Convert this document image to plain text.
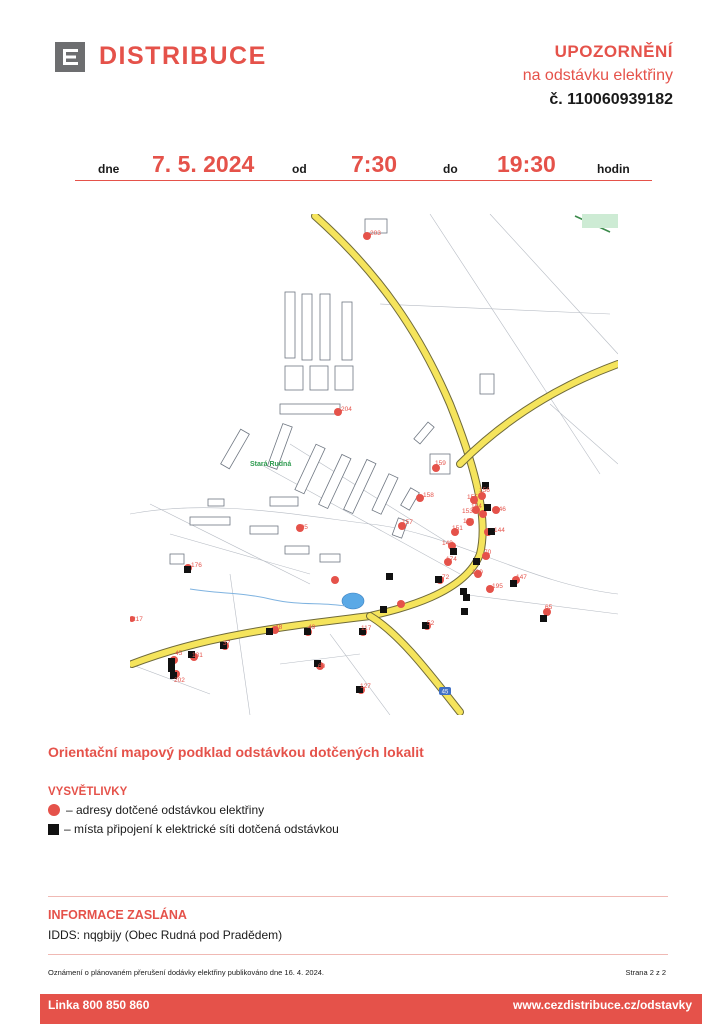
DISTRIBUCE	UPOZORNĚNÍ
na odstávku elektřiny
č. 110060939182
dne 7. 5. 2024	od 7:30	do 19:30	hodin
45
Stará Rudná
203
204
159
158
157
156
155
153
154 146
152
151
149
144
174
190
70
72	147
195
205
176
217
48	49
52
117
131
45
60
202
127
65
37
Orientační mapový podklad odstávkou dotčených lokalit
VYSVĚTLIVKY
– adresy dotčené odstávkou elektřiny
– místa připojení k elektrické síti dotčená odstávkou
INFORMACE ZASLÁNA
IDDS: nqgbijy (Obec Rudná pod Pradědem)
Oznámení o plánovaném přerušení dodávky elektřiny publikováno dne 16. 4. 2024.	Strana 2 z 2
Linka 800 850 860	www.cezdistribuce.cz/odstavky
